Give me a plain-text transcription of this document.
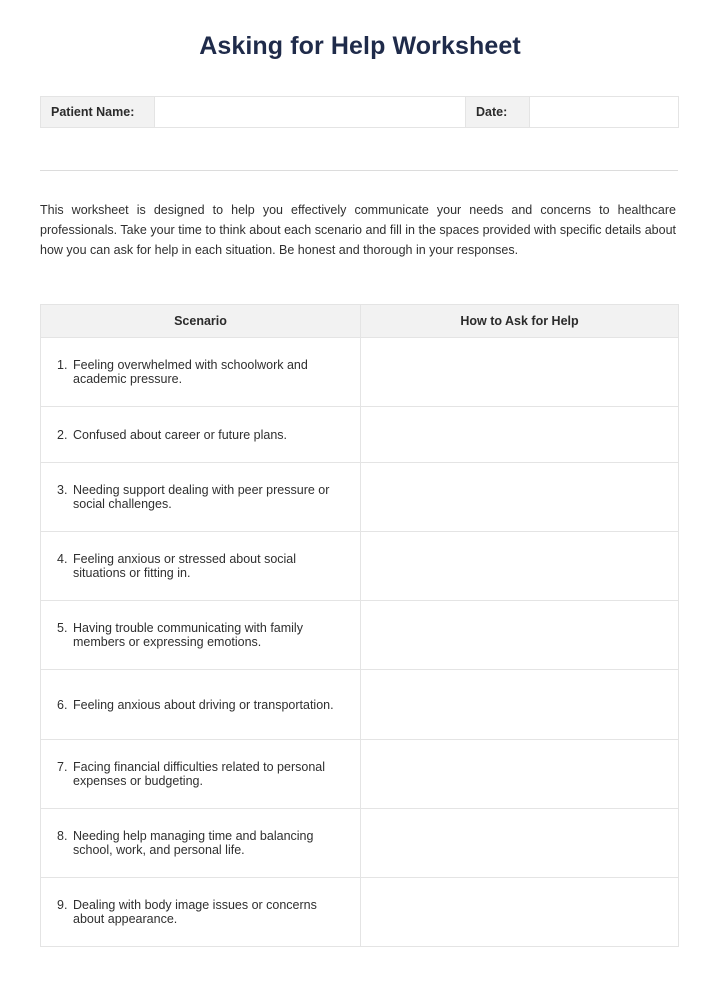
Asking for Help Worksheet
Patient Name:		Date:	

This worksheet is designed to help you effectively communicate your needs and concerns to healthcare professionals. Take your time to think about each scenario and fill in the spaces provided with specific details about how you can ask for help in each situation. Be honest and thorough in your responses.

Scenario	How to Ask for Help

1. Feeling overwhelmed with schoolwork and academic pressure.	

2. Confused about career or future plans.	

3. Needing support dealing with peer pressure or social challenges.	

4. Feeling anxious or stressed about social situations or fitting in.	

5. Having trouble communicating with family members or expressing emotions.	

6. Feeling anxious about driving or transportation.	

7. Facing financial difficulties related to personal expenses or budgeting.	

8. Needing help managing time and balancing school, work, and personal life.	

9. Dealing with body image issues or concerns about appearance.	
